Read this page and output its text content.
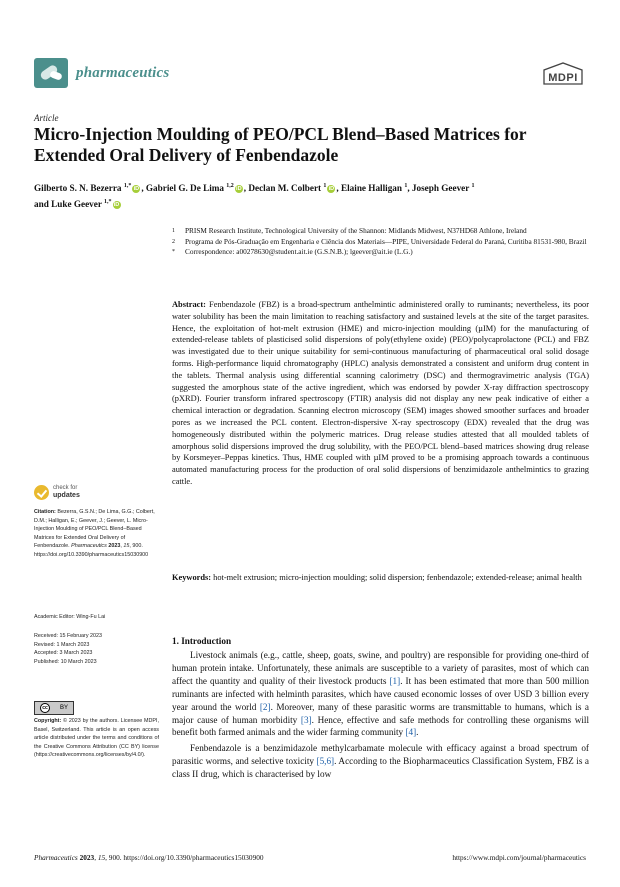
pharmaceutics	MDPI
Article
Micro-Injection Moulding of PEO/PCL Blend–Based Matrices for Extended Oral Delivery of Fenbendazole
Gilberto S. N. Bezerra $^{1,*}$ iD , Gabriel G. De Lima $^{1,2}$ iD , Declan M. Colbert $^1$ iD , Elaine Halligan $^1$, Joseph Geever $^1$
and Luke Geever $^{1,*}$ iD
1	PRISM Research Institute, Technological University of the Shannon: Midlands Midwest, N37HD68 Athlone, Ireland
2	Programa de Pós-Graduação em Engenharia e Ciência dos Materiais—PIPE, Universidade Federal do Paraná, Curitiba 81531-980, Brazil
*	Correspondence: a00278630@student.ait.ie (G.S.N.B.); lgeever@ait.ie (L.G.)
Abstract: Fenbendazole (FBZ) is a broad-spectrum anthelmintic administered orally to ruminants; nevertheless, its poor water solubility has been the main limitation to reaching satisfactory and sustained levels at the site of the target parasites. Hence, the exploitation of hot-melt extrusion (HME) and micro-injection moulding (µIM) for the manufacturing of extended-release tablets of plasticised solid dispersions of poly(ethylene oxide) (PEO)/polycaprolactone (PCL) and FBZ was investigated due to their unique suitability for semi-continuous manufacturing of pharmaceutical oral solid dosage forms. High-performance liquid chromatography (HPLC) analysis demonstrated a consistent and uniform drug content in the tablets. Thermal analysis using differential scanning calorimetry (DSC) and thermogravimetric analysis (TGA) suggested the amorphous state of the active ingredient, which was endorsed by powder X-ray diffraction spectroscopy (pXRD). Fourier transform infrared spectroscopy (FTIR) analysis did not display any new peak indicative of either a chemical interaction or degradation. Scanning electron microscopy (SEM) images showed smoother surfaces and broader pores as we increased the PCL content. Electron-dispersive X-ray spectroscopy (EDX) revealed that the drug was homogeneously distributed within the polymeric matrices. Drug release studies attested that all moulded tablets of amorphous solid dispersions improved the drug solubility, with the PEO/PCL blend–based matrices showing drug release by Korsmeyer–Peppas kinetics. Thus, HME coupled with µIM proved to be a promising approach towards a continuous automated manufacturing process for the production of oral solid dispersions of benzimidazole anthelmintics to grazing cattle.
Keywords: hot-melt extrusion; micro-injection moulding; solid dispersion; fenbendazole; extended-release; animal health
check for
updates
Citation: Bezerra, G.S.N.; De Lima, G.G.; Colbert, D.M.; Halligan, E.; Geever, J.; Geever, L. Micro-Injection Moulding of PEO/PCL Blend–Based Matrices for Extended Oral Delivery of Fenbendazole. Pharmaceutics 2023, 15, 900. https://doi.org/10.3390/pharmaceutics15030900
Academic Editor: Wing-Fu Lai
Received: 15 February 2023
Revised: 1 March 2023
Accepted: 3 March 2023
Published: 10 March 2023
cc	BY
Copyright: © 2023 by the authors. Licensee MDPI, Basel, Switzerland. This article is an open access article distributed under the terms and conditions of the Creative Commons Attribution (CC BY) license (https://creativecommons.org/licenses/by/4.0/).
1. Introduction

Livestock animals (e.g., cattle, sheep, goats, swine, and poultry) are responsible for providing one-third of human protein intake. Unfortunately, these animals are susceptible to a variety of parasites, most of which can affect the quantity and quality of their livestock products [1]. It has been estimated that more than 500 million ruminants are infected with helminth parasites, which have caused economic losses of over USD 3 billion every year around the world [2]. Moreover, many of these parasitic worms are transmittable to humans, which is a major cause of human morbidity [3]. Hence, effective and safe methods for controlling these organisms will benefit both farmed animals and the wider farming community [4].

Fenbendazole is a benzimidazole methylcarbamate molecule with efficacy against a broad spectrum of parasitic worms, and selective toxicity [5,6]. According to the Biopharmaceutics Classification System, FBZ is a class II drug, which is characterised by low

Pharmaceutics 2023, 15, 900. https://doi.org/10.3390/pharmaceutics15030900	https://www.mdpi.com/journal/pharmaceutics
